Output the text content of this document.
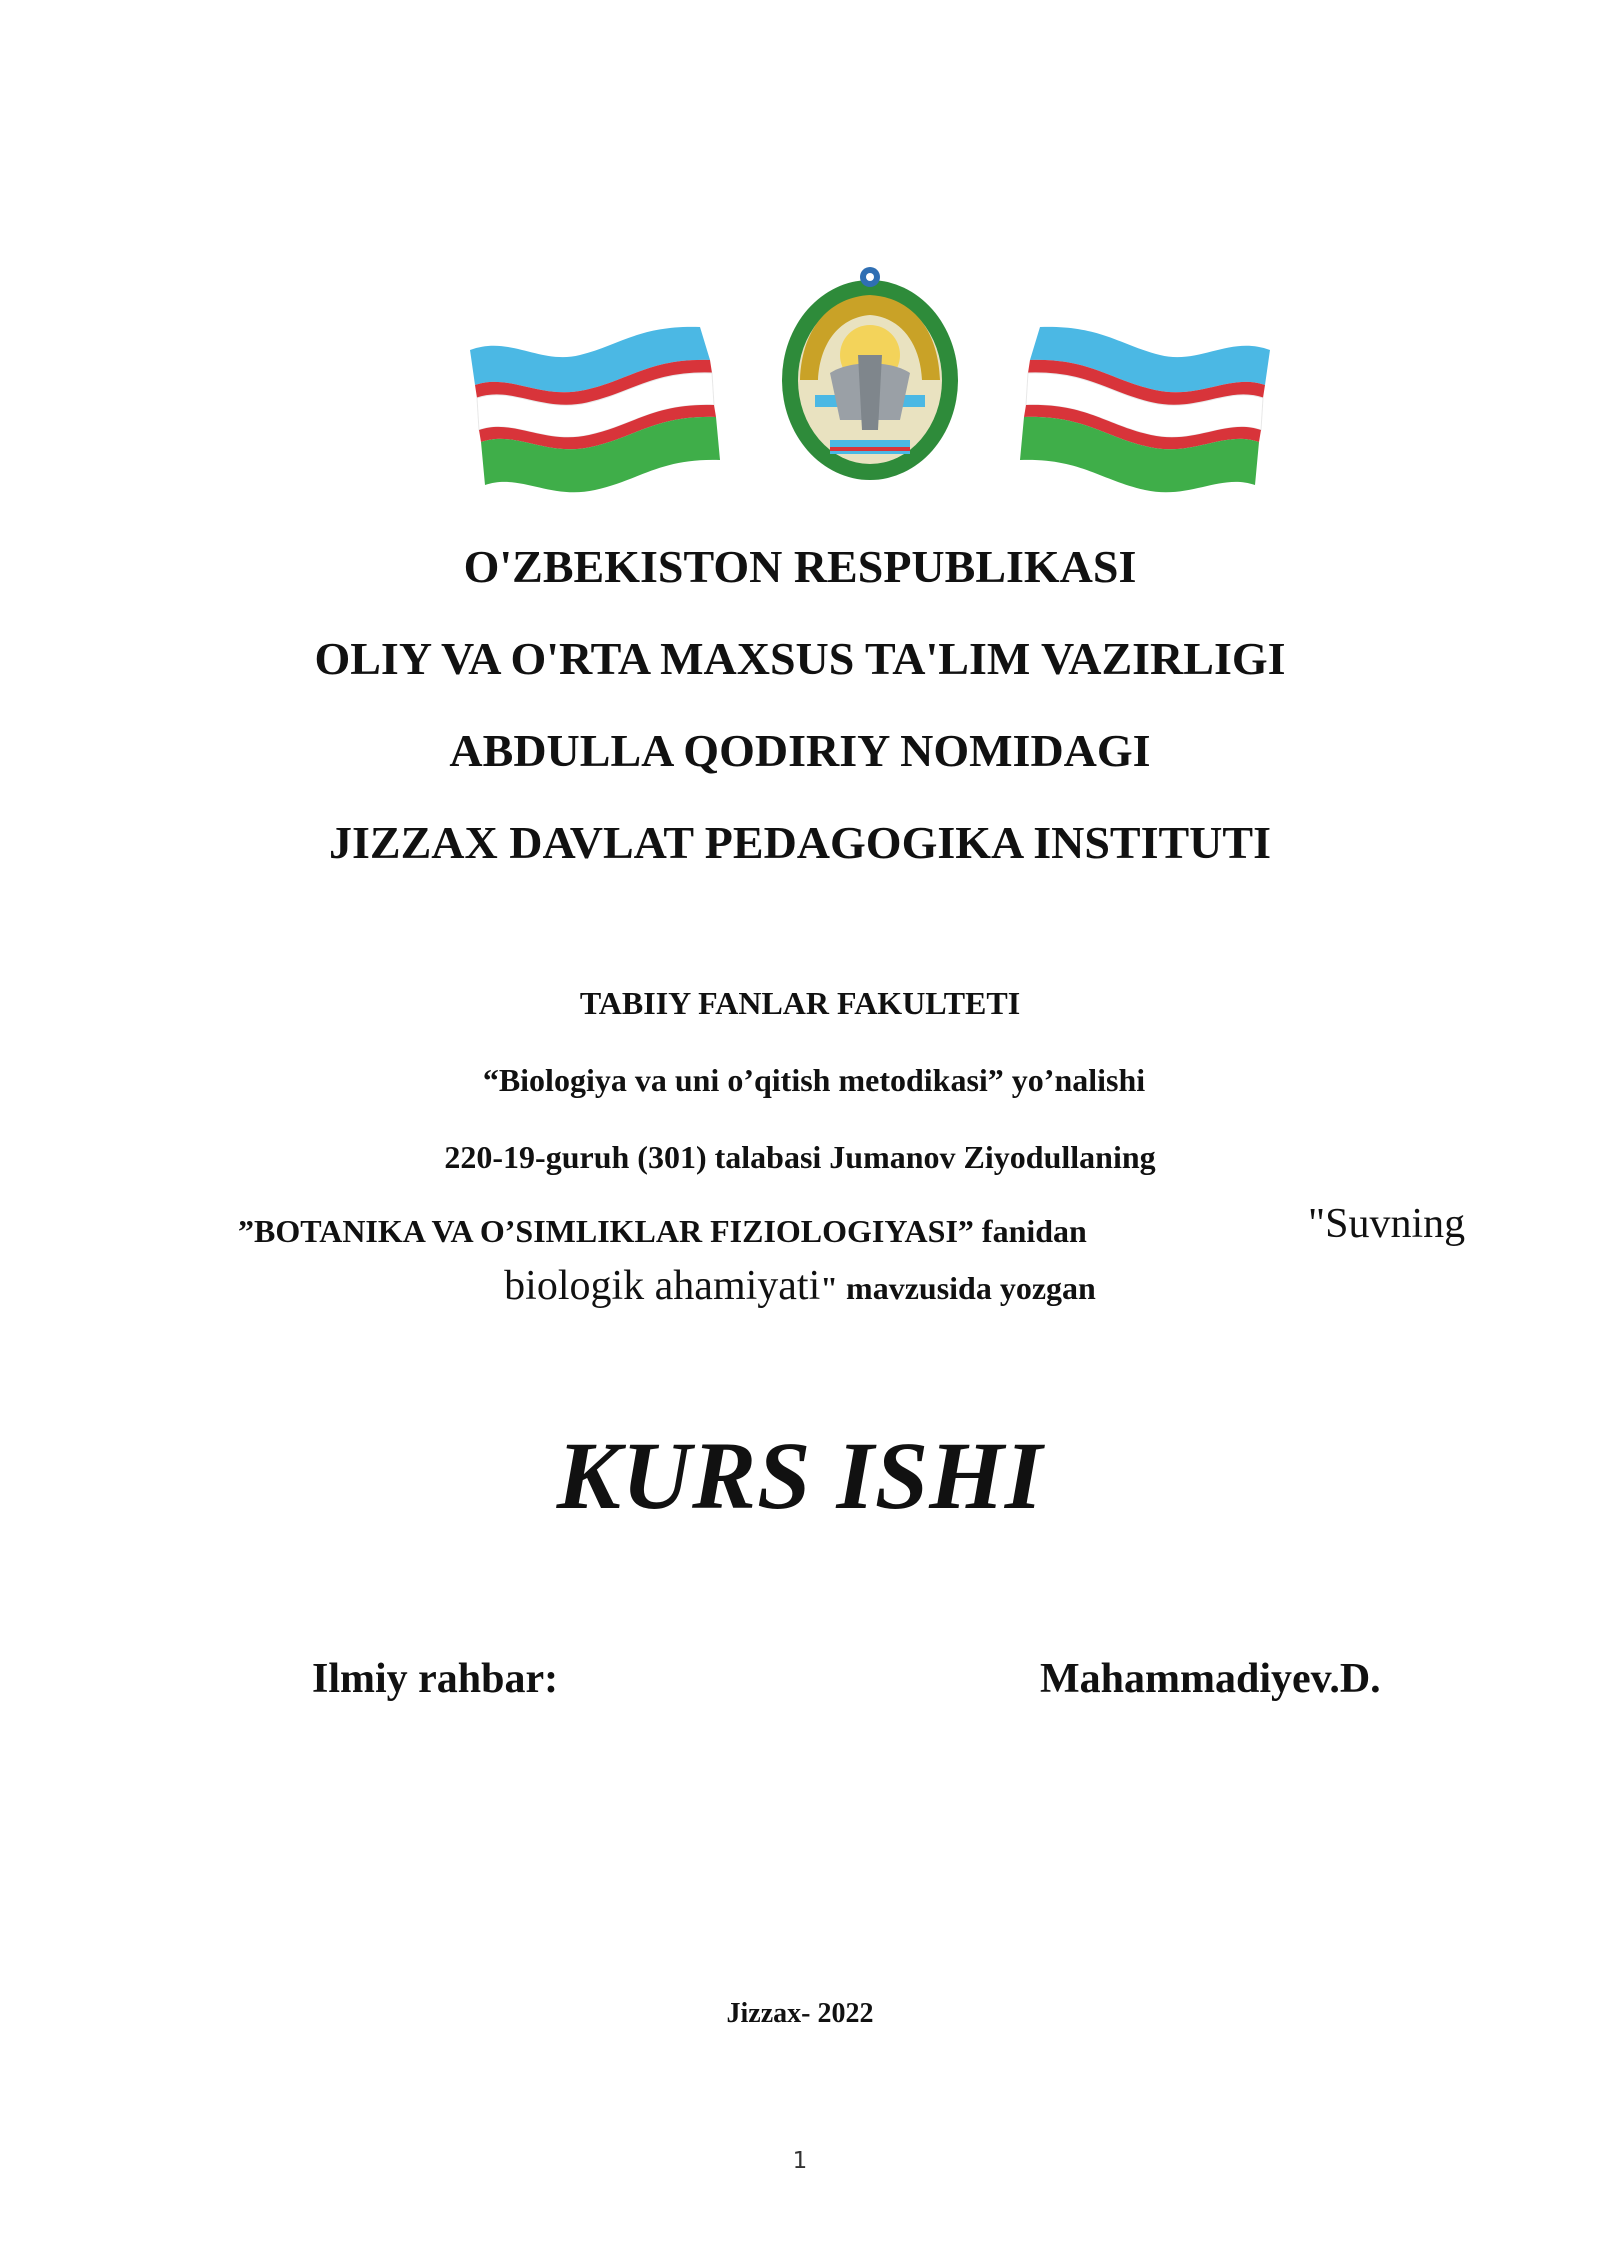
O'ZBEKISTON RESPUBLIKASI
OLIY VA O'RTA MAXSUS TA'LIM VAZIRLIGI
ABDULLA QODIRIY NOMIDAGI
JIZZAX DAVLAT PEDAGOGIKA INSTITUTI
TABIIY FANLAR FAKULTETI
“Biologiya va uni o’qitish metodikasi” yo’nalishi
220-19-guruh (301) talabasi Jumanov Ziyodullaning
”BOTANIKA VA O’SIMLIKLAR FIZIOLOGIYASI” fanidan	"Suvning
biologik ahamiyati" mavzusida yozgan
KURS ISHI
Ilmiy rahbar:	Mahammadiyev.D.
Jizzax- 2022
1
